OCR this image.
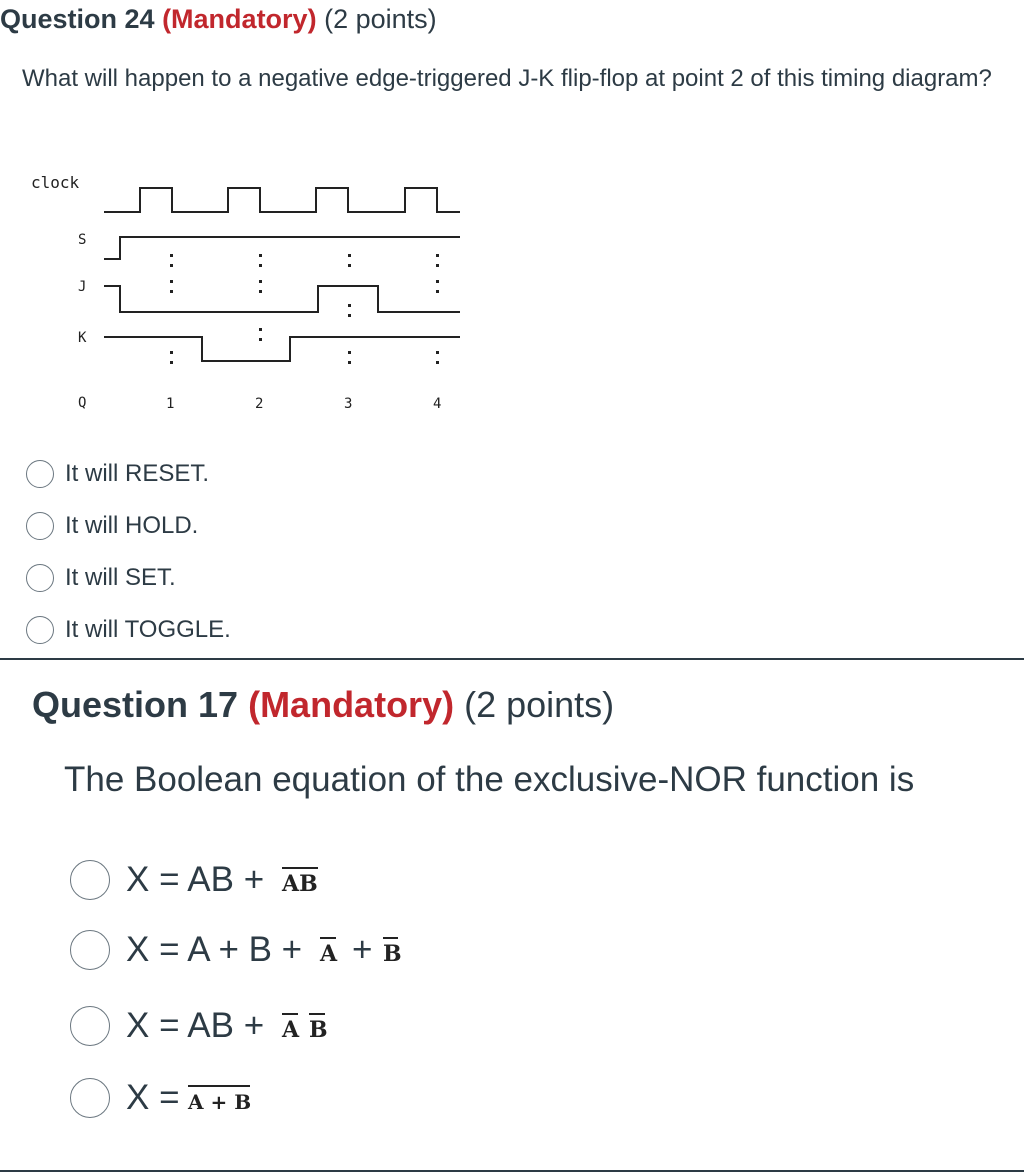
Question 24 (Mandatory) (2 points)
What will happen to a negative edge-triggered J-K flip-flop at point 2 of this timing diagram?
clock
S
J
K
Q	1	2	3	4
It will RESET.
It will HOLD.
It will SET.
It will TOGGLE.
Question 17 (Mandatory) (2 points)
The Boolean equation of the exclusive-NOR function is
X = AB + AB
X = A + B + A + B
X = AB + A B
X =
A + B
